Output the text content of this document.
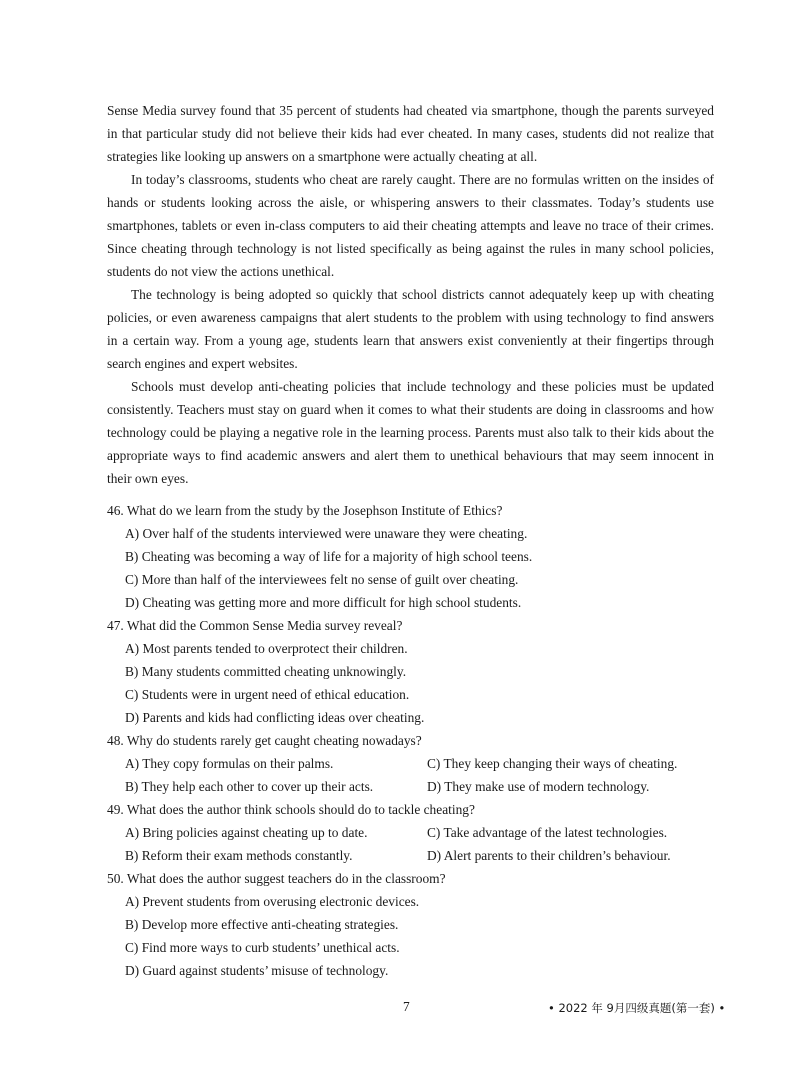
Sense Media survey found that 35 percent of students had cheated via smartphone, though the parents surveyed in that particular study did not believe their kids had ever cheated. In many cases, students did not realize that strategies like looking up answers on a smartphone were actually cheating at all.

In today’s classrooms, students who cheat are rarely caught. There are no formulas written on the insides of hands or students looking across the aisle, or whispering answers to their classmates. Today’s students use smartphones, tablets or even in-class computers to aid their cheating attempts and leave no trace of their crimes. Since cheating through technology is not listed specifically as being against the rules in many school policies, students do not view the actions unethical.

The technology is being adopted so quickly that school districts cannot adequately keep up with cheating policies, or even awareness campaigns that alert students to the problem with using technology to find answers in a certain way. From a young age, students learn that answers exist conveniently at their fingertips through search engines and expert websites.

Schools must develop anti-cheating policies that include technology and these policies must be updated consistently. Teachers must stay on guard when it comes to what their students are doing in classrooms and how technology could be playing a negative role in the learning process. Parents must also talk to their kids about the appropriate ways to find academic answers and alert them to unethical behaviours that may seem innocent in their own eyes.

46. What do we learn from the study by the Josephson Institute of Ethics?

A) Over half of the students interviewed were unaware they were cheating.

B) Cheating was becoming a way of life for a majority of high school teens.

C) More than half of the interviewees felt no sense of guilt over cheating.

D) Cheating was getting more and more difficult for high school students.

47. What did the Common Sense Media survey reveal?

A) Most parents tended to overprotect their children.

B) Many students committed cheating unknowingly.

C) Students were in urgent need of ethical education.

D) Parents and kids had conflicting ideas over cheating.

48. Why do students rarely get caught cheating nowadays?

A) They copy formulas on their palms.	C) They keep changing their ways of cheating.
B) They help each other to cover up their acts.	D) They make use of modern technology.

49. What does the author think schools should do to tackle cheating?

A) Bring policies against cheating up to date.	C) Take advantage of the latest technologies.
B) Reform their exam methods constantly.	D) Alert parents to their children’s behaviour.

50. What does the author suggest teachers do in the classroom?

A) Prevent students from overusing electronic devices.

B) Develop more effective anti-cheating strategies.

C) Find more ways to curb students’ unethical acts.

D) Guard against students’ misuse of technology.

7	• 2022 年 9月四级真题(第一套) •
